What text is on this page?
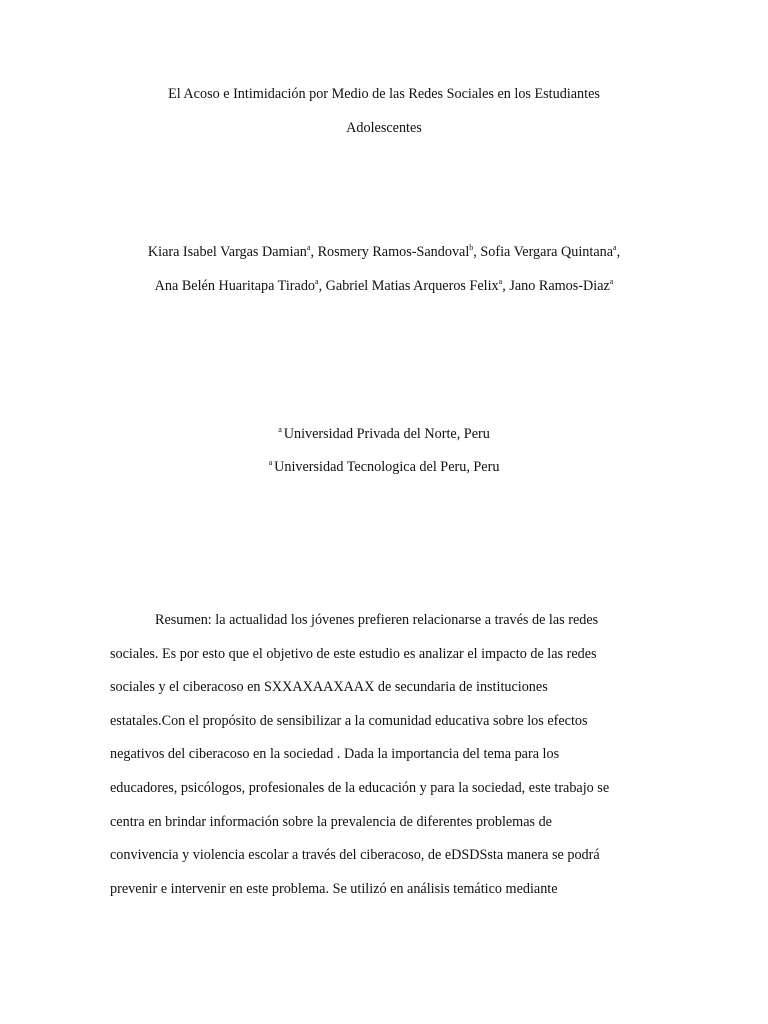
El Acoso e Intimidación por Medio de las Redes Sociales en los Estudiantes
Adolescentes
Kiara Isabel Vargas Damian$^a$, Rosmery Ramos-Sandoval$^b$, Sofia Vergara Quintana$^a$,
Ana Belén Huaritapa Tirado$^a$, Gabriel Matias Arqueros Felix$^a$, Jano Ramos-Diaz$^a$
$^a$ Universidad Privada del Norte, Peru
$^a$ Universidad Tecnologica del Peru, Peru
Resumen: la actualidad los jóvenes prefieren relacionarse a través de las redes
sociales. Es por esto que el objetivo de este estudio es analizar el impacto de las redes
sociales y el ciberacoso en SXXAXAAXAAX de secundaria de instituciones
estatales.Con el propósito de sensibilizar a la comunidad educativa sobre los efectos
negativos del ciberacoso en la sociedad . Dada la importancia del tema para los
educadores, psicólogos, profesionales de la educación y para la sociedad, este trabajo se
centra en brindar información sobre la prevalencia de diferentes problemas de
convivencia y violencia escolar a través del ciberacoso, de eDSDSsta manera se podrá
prevenir e intervenir en este problema. Se utilizó en análisis temático mediante
